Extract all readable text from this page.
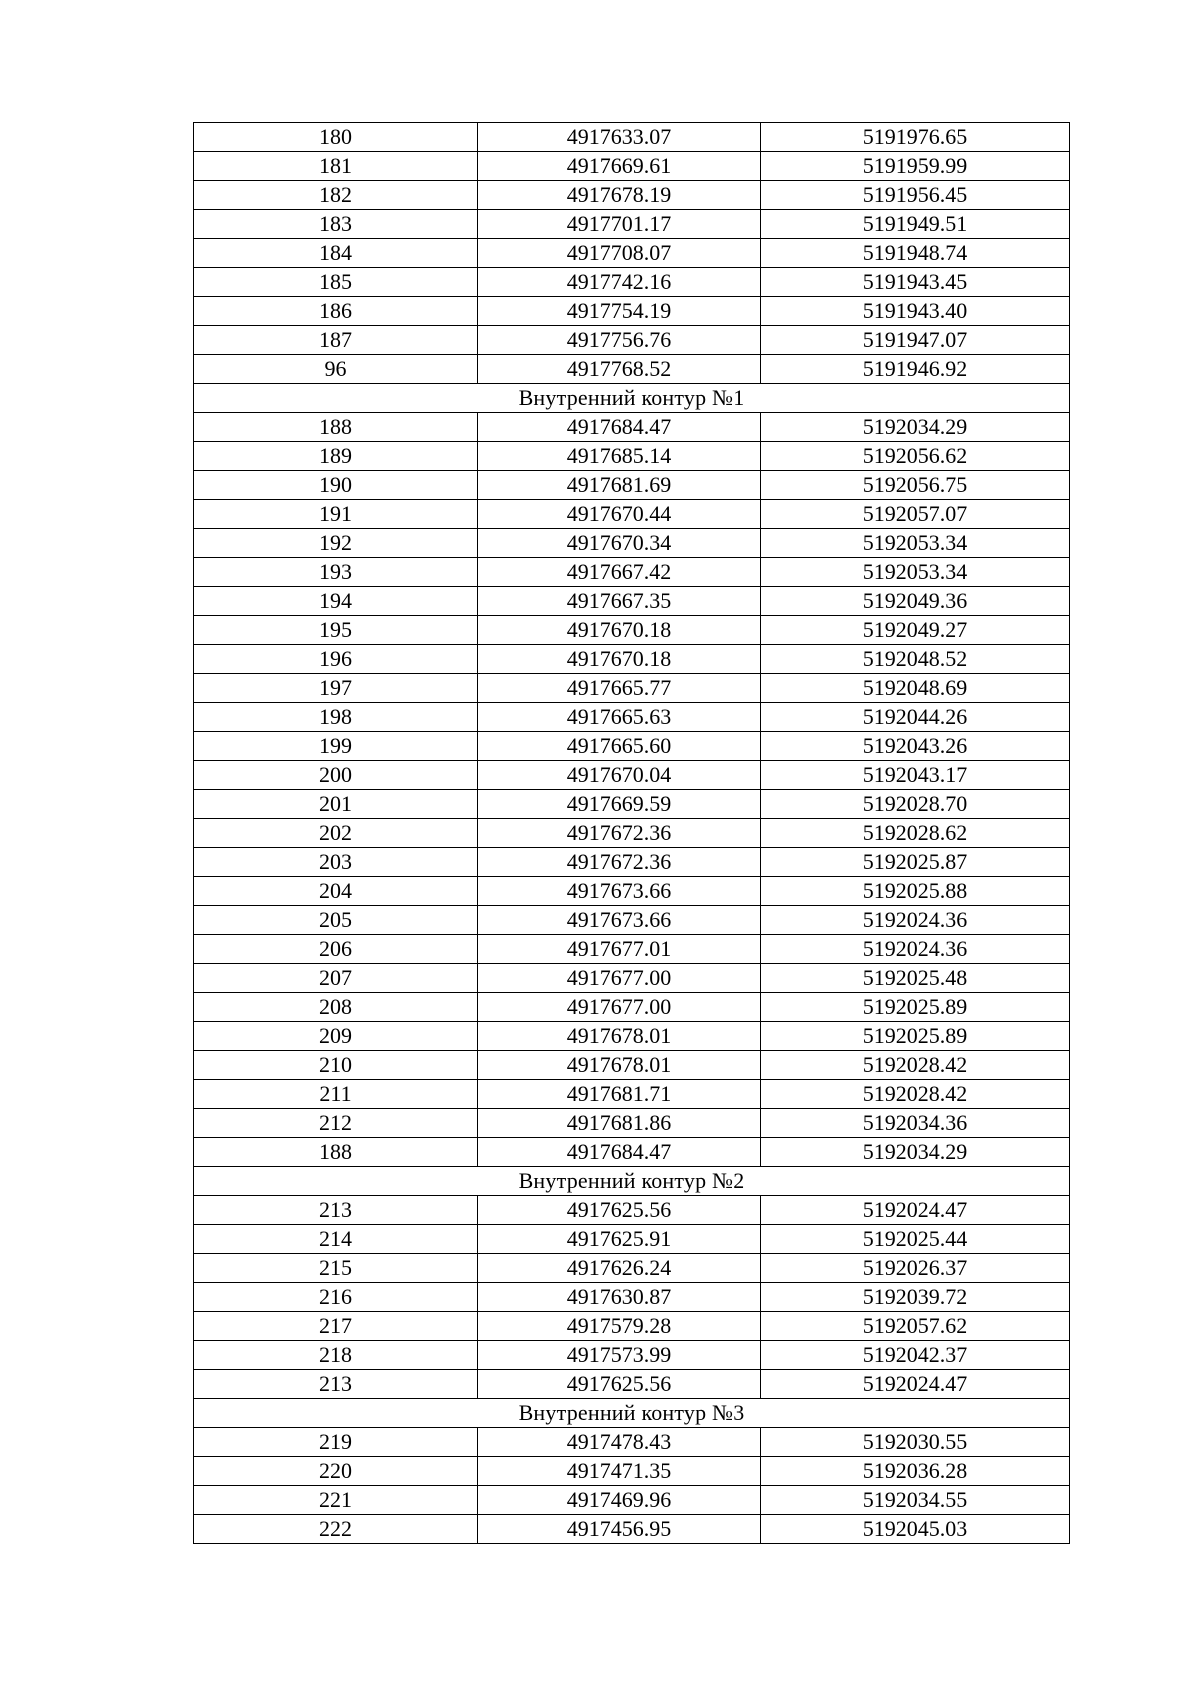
180	4917633.07	5191976.65
181	4917669.61	5191959.99
182	4917678.19	5191956.45
183	4917701.17	5191949.51
184	4917708.07	5191948.74
185	4917742.16	5191943.45
186	4917754.19	5191943.40
187	4917756.76	5191947.07
96	4917768.52	5191946.92
Внутренний контур №1		
188	4917684.47	5192034.29
189	4917685.14	5192056.62
190	4917681.69	5192056.75
191	4917670.44	5192057.07
192	4917670.34	5192053.34
193	4917667.42	5192053.34
194	4917667.35	5192049.36
195	4917670.18	5192049.27
196	4917670.18	5192048.52
197	4917665.77	5192048.69
198	4917665.63	5192044.26
199	4917665.60	5192043.26
200	4917670.04	5192043.17
201	4917669.59	5192028.70
202	4917672.36	5192028.62
203	4917672.36	5192025.87
204	4917673.66	5192025.88
205	4917673.66	5192024.36
206	4917677.01	5192024.36
207	4917677.00	5192025.48
208	4917677.00	5192025.89
209	4917678.01	5192025.89
210	4917678.01	5192028.42
211	4917681.71	5192028.42
212	4917681.86	5192034.36
188	4917684.47	5192034.29
Внутренний контур №2		
213	4917625.56	5192024.47
214	4917625.91	5192025.44
215	4917626.24	5192026.37
216	4917630.87	5192039.72
217	4917579.28	5192057.62
218	4917573.99	5192042.37
213	4917625.56	5192024.47
Внутренний контур №3		
219	4917478.43	5192030.55
220	4917471.35	5192036.28
221	4917469.96	5192034.55
222	4917456.95	5192045.03
